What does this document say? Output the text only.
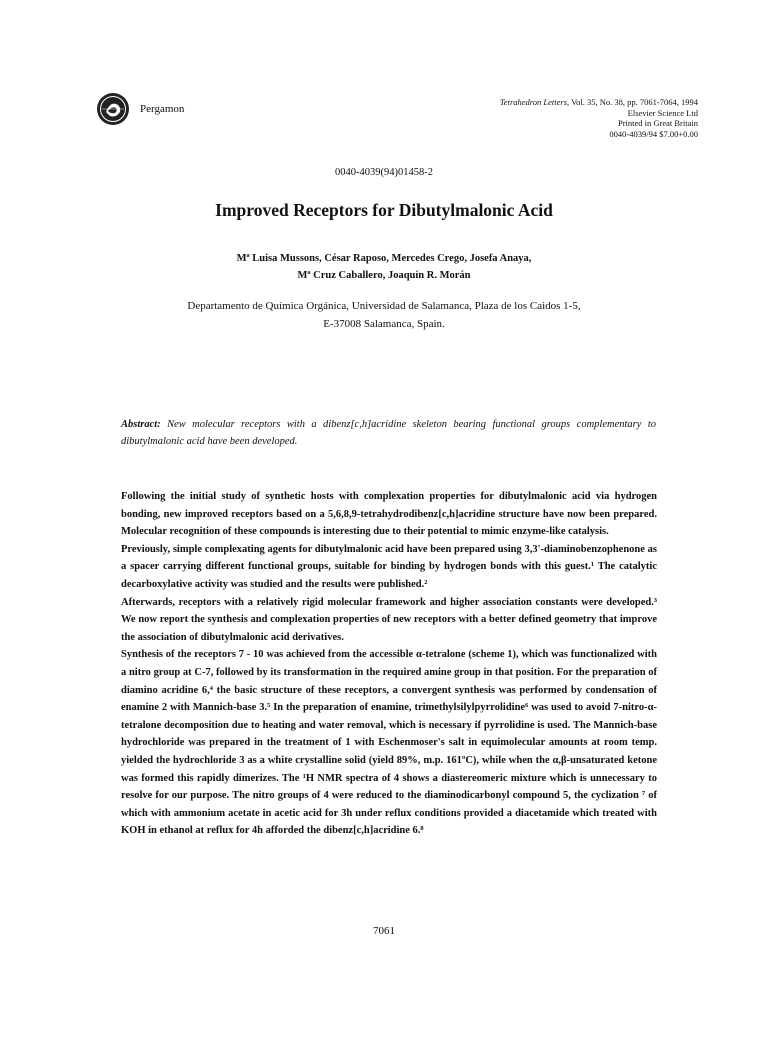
Pergamon
Tetrahedron Letters, Vol. 35, No. 38, pp. 7061-7064, 1994
Elsevier Science Ltd
Printed in Great Britain
0040-4039/94 $7.00+0.00
0040-4039(94)01458-2
Improved Receptors for Dibutylmalonic Acid
Mª Luisa Mussons, César Raposo, Mercedes Crego, Josefa Anaya,
Mª Cruz Caballero, Joaquín R. Morán
Departamento de Química Orgánica, Universidad de Salamanca, Plaza de los Caidos 1-5,
E-37008 Salamanca, Spain.
Abstract: New molecular receptors with a dibenz[c,h]acridine skeleton bearing functional groups complementary to dibutylmalonic acid have been developed.

Following the initial study of synthetic hosts with complexation properties for dibutylmalonic acid via hydrogen bonding, new improved receptors based on a 5,6,8,9-tetrahydrodibenz[c,h]acridine structure have now been prepared. Molecular recognition of these compounds is interesting due to their potential to mimic enzyme-like catalysis.

Previously, simple complexating agents for dibutylmalonic acid have been prepared using 3,3'-diaminobenzophenone as a spacer carrying different functional groups, suitable for binding by hydrogen bonds with this guest.¹ The catalytic decarboxylative activity was studied and the results were published.²

Afterwards, receptors with a relatively rigid molecular framework and higher association constants were developed.³ We now report the synthesis and complexation properties of new receptors with a better defined geometry that improve the association of dibutylmalonic acid derivatives.

Synthesis of the receptors 7 - 10 was achieved from the accessible α-tetralone (scheme 1), which was functionalized with a nitro group at C-7, followed by its transformation in the required amine group in that position. For the preparation of diamino acridine 6,⁴ the basic structure of these receptors, a convergent synthesis was performed by condensation of enamine 2 with Mannich-base 3.⁵ In the preparation of enamine, trimethylsilylpyrrolidine⁶ was used to avoid 7-nitro-α-tetralone decomposition due to heating and water removal, which is necessary if pyrrolidine is used. The Mannich-base hydrochloride was prepared in the treatment of 1 with Eschenmoser's salt in equimolecular amounts at room temp. yielded the hydrochloride 3 as a white crystalline solid (yield 89%, m.p. 161ºC), while when the α,β-unsaturated ketone was formed this rapidly dimerizes. The ¹H NMR spectra of 4 shows a diastereomeric mixture which is unnecessary to resolve for our purpose. The nitro groups of 4 were reduced to the diaminodicarbonyl compound 5, the cyclization ⁷ of which with ammonium acetate in acetic acid for 3h under reflux conditions provided a diacetamide which treated with KOH in ethanol at reflux for 4h afforded the dibenz[c,h]acridine 6.⁸

7061
